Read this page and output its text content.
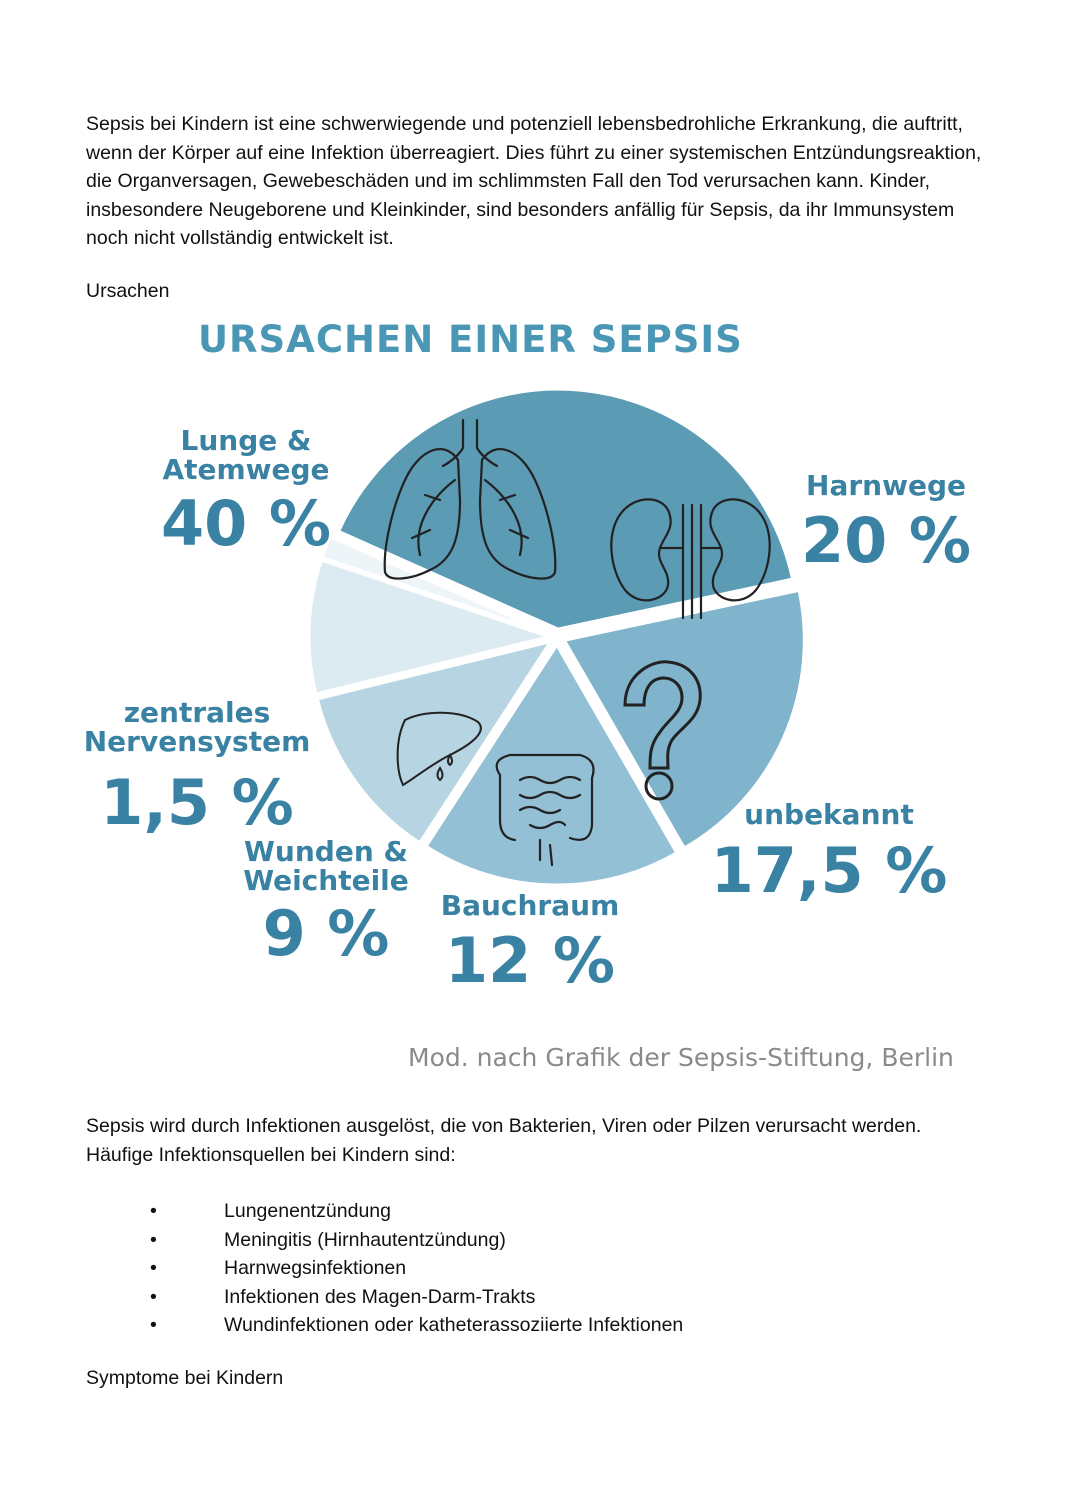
Sepsis bei Kindern ist eine schwerwiegende und potenziell lebensbedrohliche Erkrankung, die auftritt, wenn der Körper auf eine Infektion überreagiert. Dies führt zu einer systemischen Entzündungsreaktion, die Organversagen, Gewebeschäden und im schlimmsten Fall den Tod verursachen kann. Kinder, insbesondere Neugeborene und Kleinkinder, sind besonders anfällig für Sepsis, da ihr Immunsystem noch nicht vollständig entwickelt ist.

Ursachen

URSACHEN EINER SEPSIS
Lunge &
Atemwege
40 %
Harnwege
20 %
unbekannt
17,5 %
Bauchraum
12 %
Wunden &
Weichteile
9 %
zentrales
Nervensystem
1,5 %
Mod. nach Grafik der Sepsis-Stiftung, Berlin

Sepsis wird durch Infektionen ausgelöst, die von Bakterien, Viren oder Pilzen verursacht werden. Häufige Infektionsquellen bei Kindern sind:

•	Lungenentzündung
•	Meningitis (Hirnhautentzündung)
•	Harnwegsinfektionen
•	Infektionen des Magen-Darm-Trakts
•	Wundinfektionen oder katheterassoziierte Infektionen

Symptome bei Kindern
